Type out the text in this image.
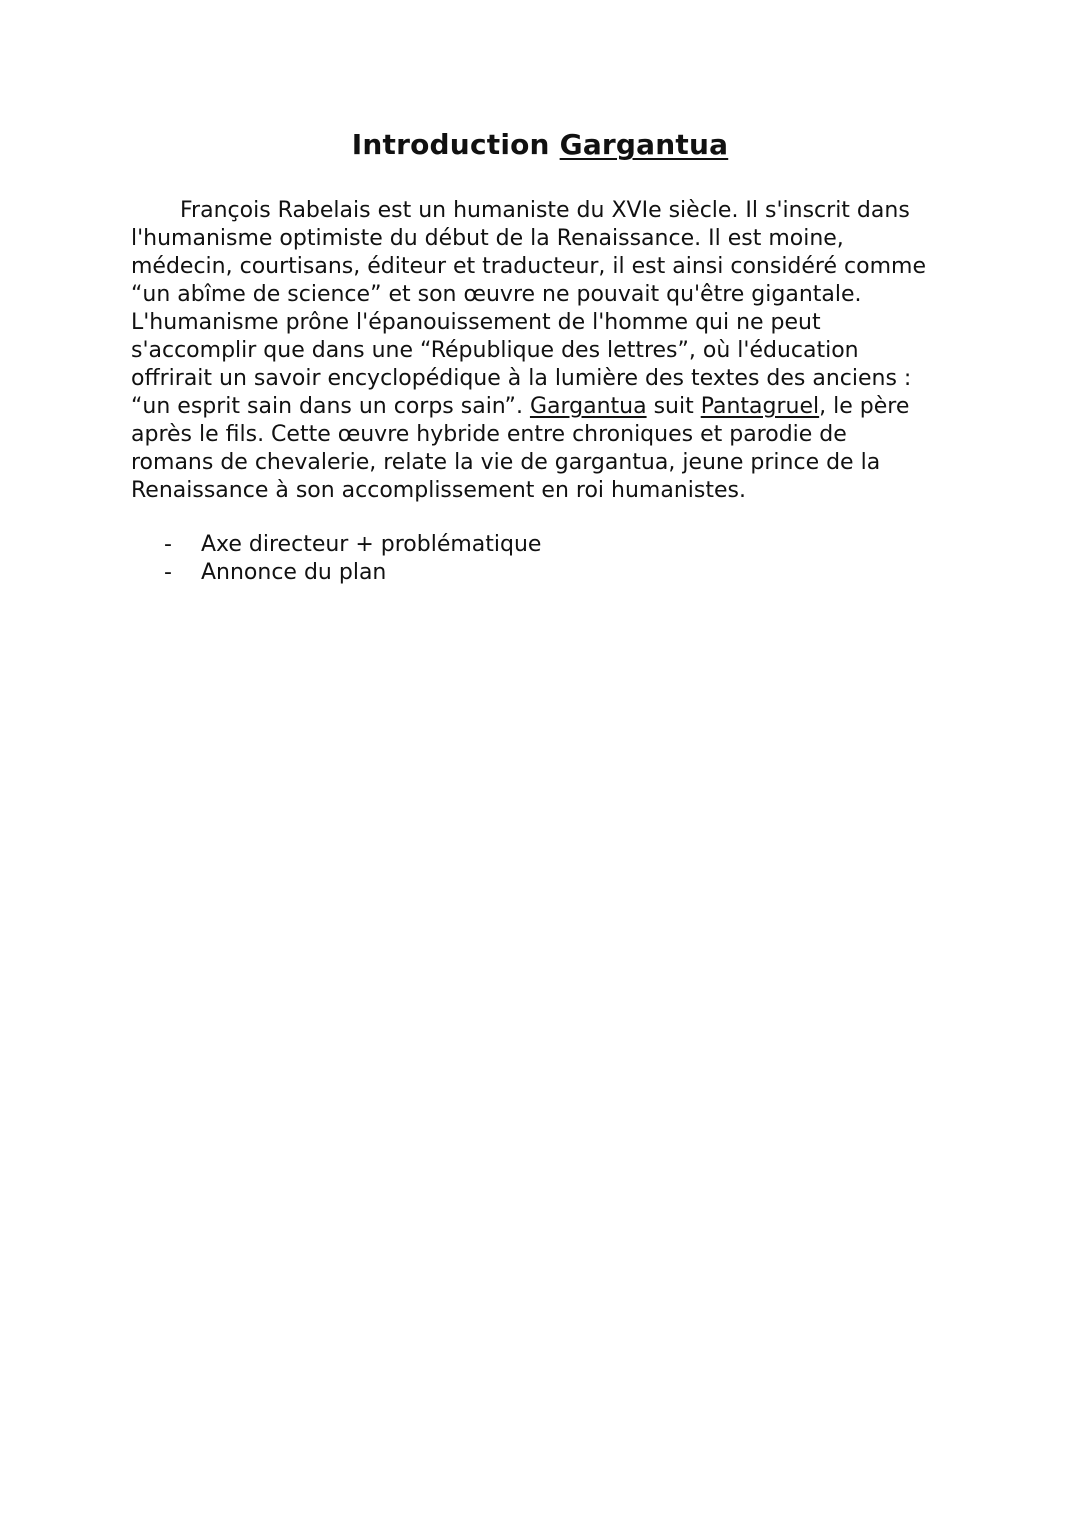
Introduction Gargantua

François Rabelais est un humaniste du XVIe siècle. Il s'inscrit dans
l'humanisme optimiste du début de la Renaissance. Il est moine,
médecin, courtisans, éditeur et traducteur, il est ainsi considéré comme
“un abîme de science” et son œuvre ne pouvait qu'être gigantale.
L'humanisme prône l'épanouissement de l'homme qui ne peut
s'accomplir que dans une “République des lettres”, où l'éducation
offrirait un savoir encyclopédique à la lumière des textes des anciens :
“un esprit sain dans un corps sain”. Gargantua suit Pantagruel, le père
après le fils. Cette œuvre hybride entre chroniques et parodie de
romans de chevalerie, relate la vie de gargantua, jeune prince de la
Renaissance à son accomplissement en roi humanistes.

- Axe directeur + problématique
- Annonce du plan
